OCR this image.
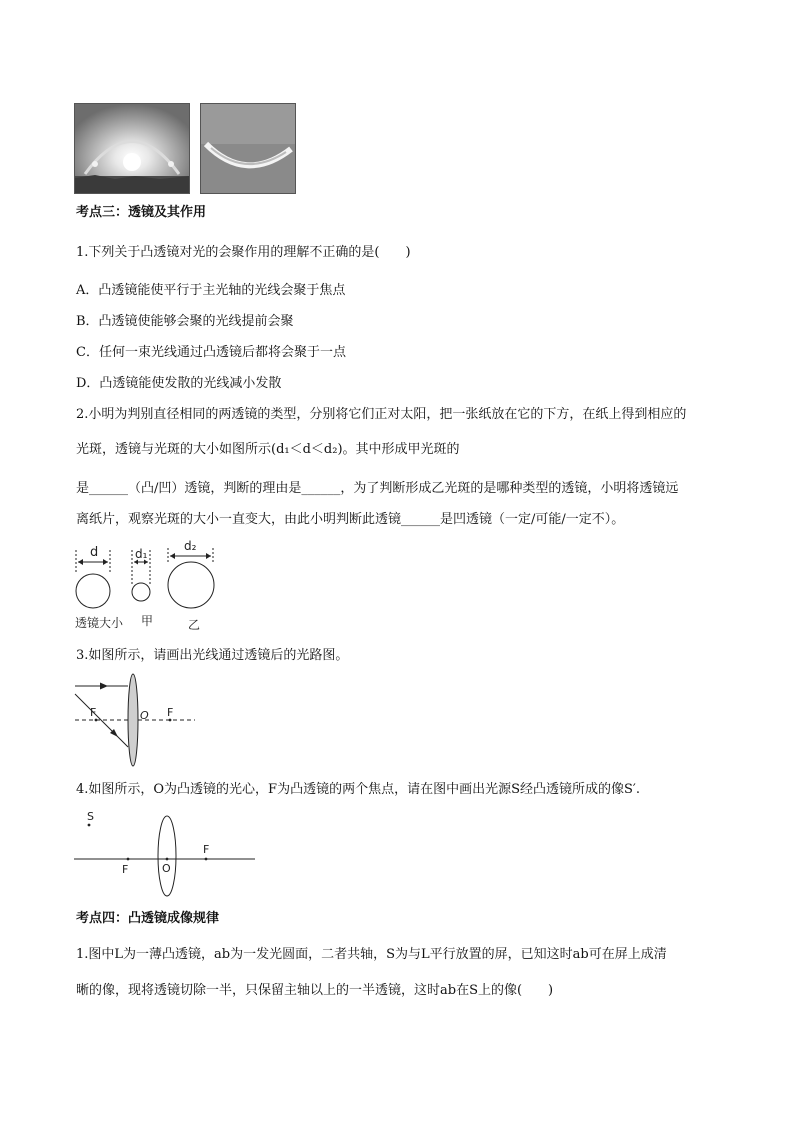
考点三：透镜及其作用
1.下列关于凸透镜对光的会聚作用的理解不正确的是(　　)
A．凸透镜能使平行于主光轴的光线会聚于焦点
B．凸透镜使能够会聚的光线提前会聚
C．任何一束光线通过凸透镜后都将会聚于一点
D．凸透镜能使发散的光线减小发散
2.小明为判别直径相同的两透镜的类型，分别将它们正对太阳，把一张纸放在它的下方，在纸上得到相应的
光斑，透镜与光斑的大小如图所示(d₁＜d＜d₂)。其中形成甲光斑的
是______（凸/凹）透镜，判断的理由是______，为了判断形成乙光斑的是哪种类型的透镜，小明将透镜远
离纸片，观察光斑的大小一直变大，由此小明判断此透镜______是凹透镜（一定/可能/一定不）。
d	d₁
d₂
透镜大小 甲	乙
3.如图所示，请画出光线通过透镜后的光路图。
F	O F
4.如图所示，O为凸透镜的光心，F为凸透镜的两个焦点，请在图中画出光源S经凸透镜所成的像S′.
S
F	O
F
考点四：凸透镜成像规律
1.图中L为一薄凸透镜，ab为一发光圆面，二者共轴，S为与L平行放置的屏，已知这时ab可在屏上成清
晰的像，现将透镜切除一半，只保留主轴以上的一半透镜，这时ab在S上的像(　　)
